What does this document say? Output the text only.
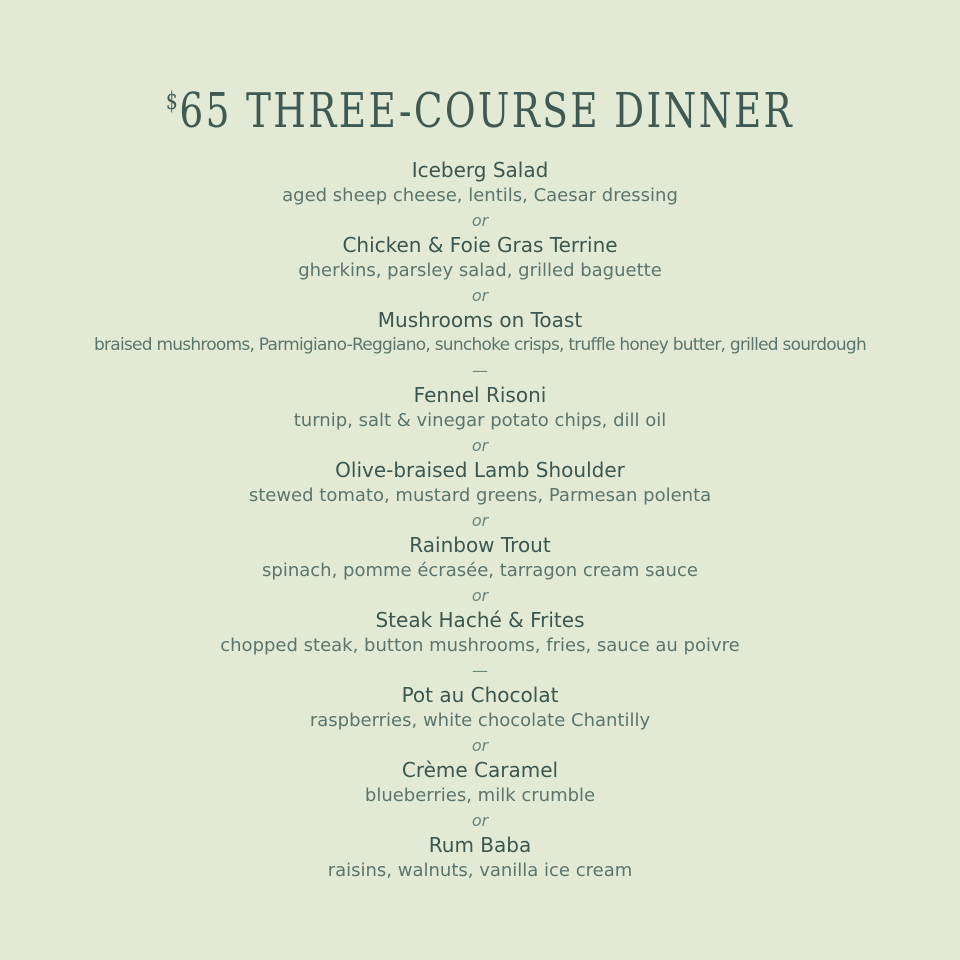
$65 THREE-COURSE DINNER
Iceberg Salad
aged sheep cheese, lentils, Caesar dressing
or
Chicken & Foie Gras Terrine
gherkins, parsley salad, grilled baguette
or
Mushrooms on Toast
braised mushrooms, Parmigiano-Reggiano, sunchoke crisps, truffle honey butter, grilled sourdough
—
Fennel Risoni
turnip, salt & vinegar potato chips, dill oil
or
Olive-braised Lamb Shoulder
stewed tomato, mustard greens, Parmesan polenta
or
Rainbow Trout
spinach, pomme écrasée, tarragon cream sauce
or
Steak Haché & Frites
chopped steak, button mushrooms, fries, sauce au poivre
—
Pot au Chocolat
raspberries, white chocolate Chantilly
or
Crème Caramel
blueberries, milk crumble
or
Rum Baba
raisins, walnuts, vanilla ice cream
